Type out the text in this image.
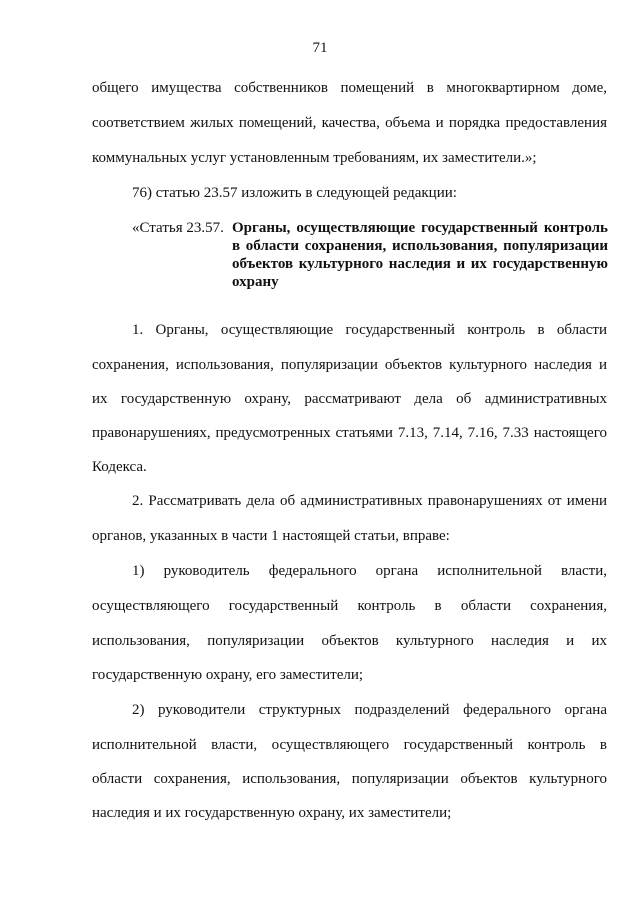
71
общего имущества собственников помещений в многоквартирном доме,
соответствием жилых помещений, качества, объема и порядка предоставления
коммунальных услуг установленным требованиям, их заместители.»;
76) статью 23.57 изложить в следующей редакции:
«Статья 23.57. Органы, осуществляющие государственный контроль
в области сохранения, использования, популяризации
объектов культурного наследия и их государственную
охрану
1. Органы, осуществляющие государственный контроль в области
сохранения, использования, популяризации объектов культурного наследия и
их государственную охрану, рассматривают дела об административных
правонарушениях, предусмотренных статьями 7.13, 7.14, 7.16, 7.33 настоящего
Кодекса.
2. Рассматривать дела об административных правонарушениях от имени
органов, указанных в части 1 настоящей статьи, вправе:
1) руководитель федерального органа исполнительной власти,
осуществляющего государственный контроль в области сохранения,
использования, популяризации объектов культурного наследия и их
государственную охрану, его заместители;
2) руководители структурных подразделений федерального органа
исполнительной власти, осуществляющего государственный контроль в
области сохранения, использования, популяризации объектов культурного
наследия и их государственную охрану, их заместители;
